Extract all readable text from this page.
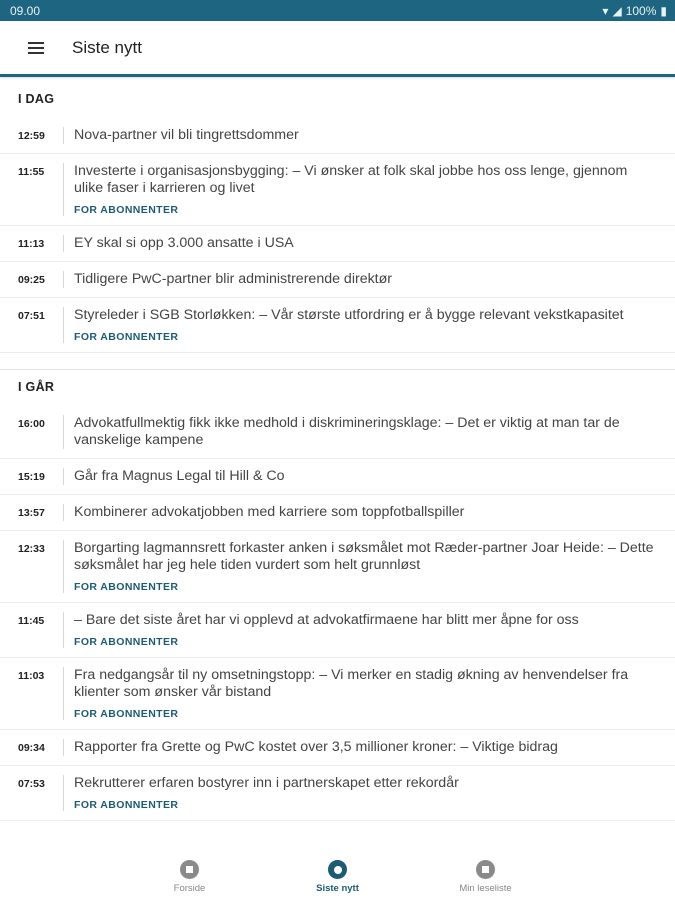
09.00	▾ ◢ 100% ▮
Siste nytt
I DAG
12:59	Nova-partner vil bli tingrettsdommer
11:55	Investerte i organisasjonsbygging: – Vi ønsker at folk skal jobbe hos oss lenge, gjennom ulike faser i karrieren og livet
FOR ABONNENTER
11:13	EY skal si opp 3.000 ansatte i USA
09:25	Tidligere PwC-partner blir administrerende direktør
07:51	Styreleder i SGB Storløkken: – Vår største utfordring er å bygge relevant vekstkapasitet
FOR ABONNENTER
I GÅR
16:00	Advokatfullmektig fikk ikke medhold i diskrimineringsklage: – Det er viktig at man tar de vanskelige kampene
15:19	Går fra Magnus Legal til Hill & Co
13:57	Kombinerer advokatjobben med karriere som toppfotballspiller
12:33	Borgarting lagmannsrett forkaster anken i søksmålet mot Ræder-partner Joar Heide: – Dette søksmålet har jeg hele tiden vurdert som helt grunnløst
FOR ABONNENTER
11:45	– Bare det siste året har vi opplevd at advokatfirmaene har blitt mer åpne for oss
FOR ABONNENTER
11:03	Fra nedgangsår til ny omsetningstopp: – Vi merker en stadig økning av henvendelser fra klienter som ønsker vår bistand
FOR ABONNENTER
09:34	Rapporter fra Grette og PwC kostet over 3,5 millioner kroner: – Viktige bidrag
07:53	Rekrutterer erfaren bostyrer inn i partnerskapet etter rekordår
FOR ABONNENTER
Forside	Siste nytt	Min leseliste
